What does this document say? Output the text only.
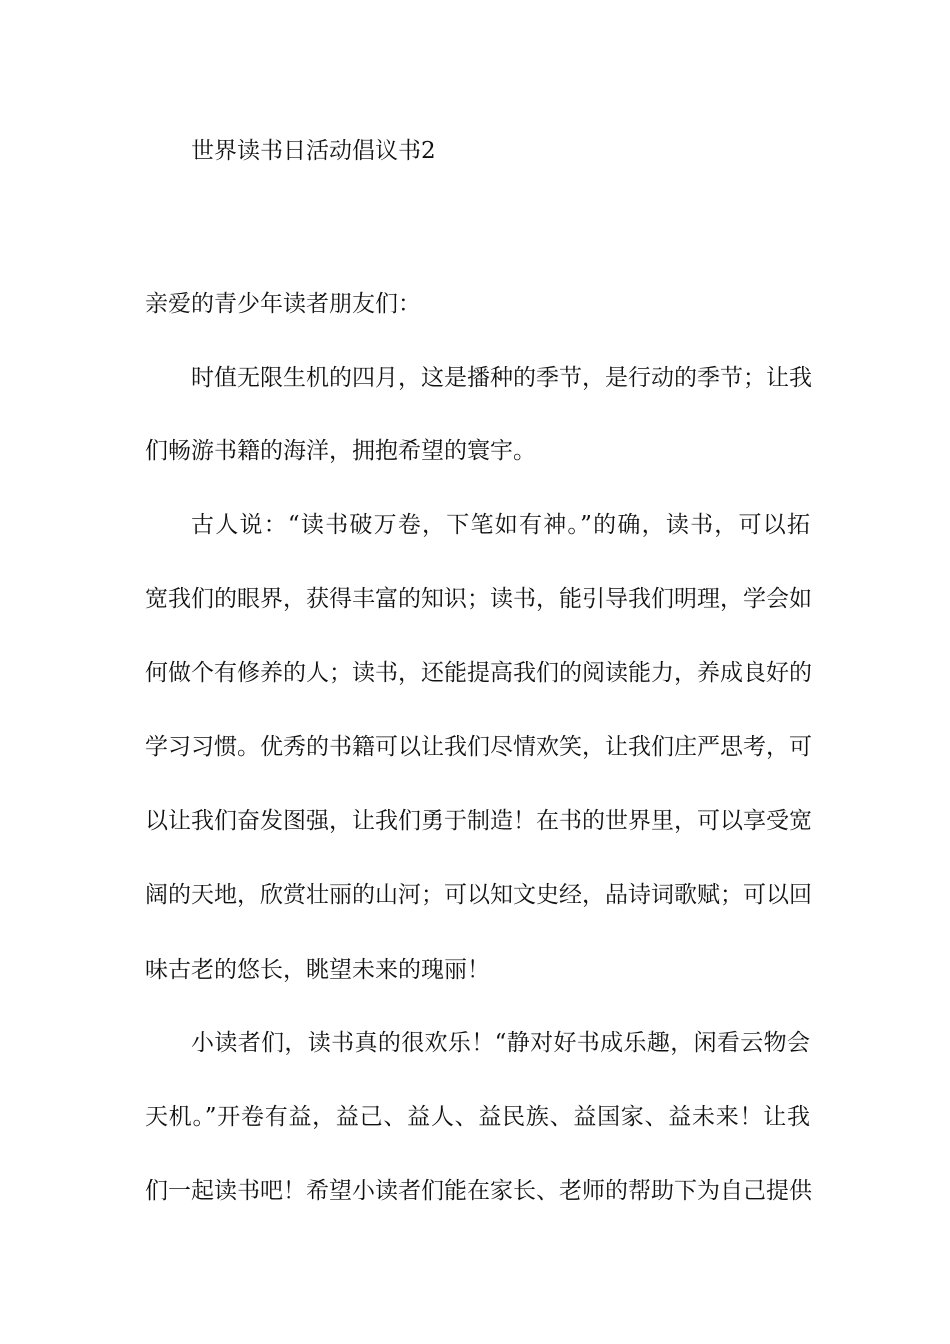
世界读书日活动倡议书2
亲爱的青少年读者朋友们：
时值无限生机的四月，这是播种的季节，是行动的季节；让我
们畅游书籍的海洋，拥抱希望的寰宇。
古人说：“读书破万卷，下笔如有神。”的确，读书，可以拓
宽我们的眼界，获得丰富的知识；读书，能引导我们明理，学会如
何做个有修养的人；读书，还能提高我们的阅读能力，养成良好的
学习习惯。优秀的书籍可以让我们尽情欢笑，让我们庄严思考，可
以让我们奋发图强，让我们勇于制造！在书的世界里，可以享受宽
阔的天地，欣赏壮丽的山河；可以知文史经，品诗词歌赋；可以回
味古老的悠长，眺望未来的瑰丽！
小读者们，读书真的很欢乐！“静对好书成乐趣，闲看云物会
天机。”开卷有益，益己、益人、益民族、益国家、益未来！让我
们一起读书吧！希望小读者们能在家长、老师的帮助下为自己提供
